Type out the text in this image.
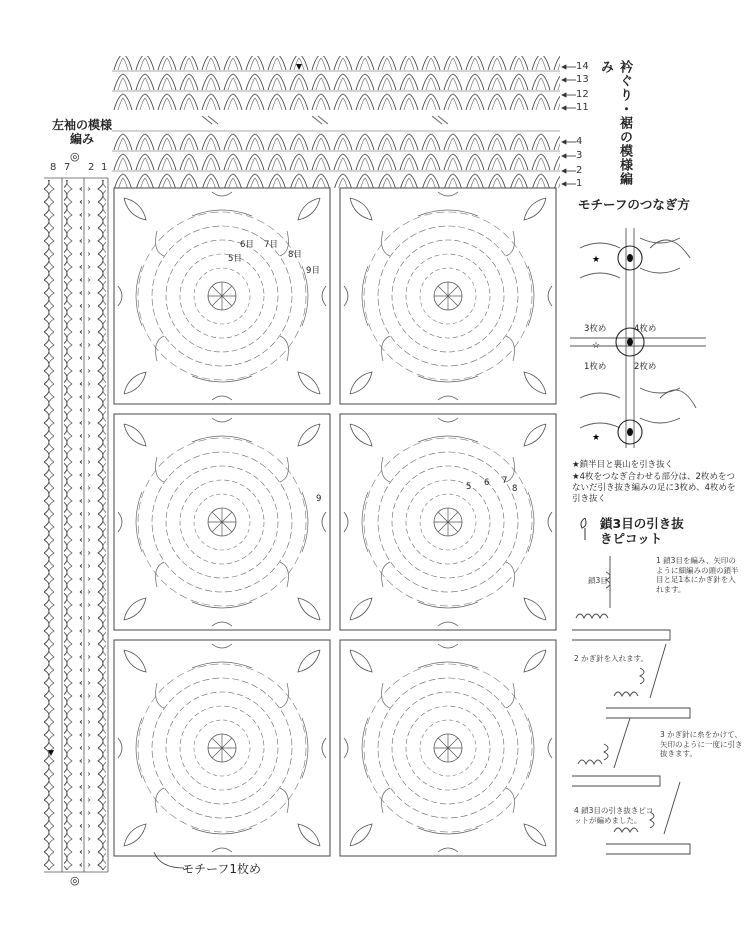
左袖の模様編み
◎
8 7 2 1
◎
14
13
12
11
4
3
2
1	衿ぐり・裾の模様編み
5目
6目 7目
8目
9目
5 6 7
8
9
モチーフ1枚め
モチーフのつなぎ方
★
☆
★
3枚め	4枚め
1枚め	2枚め
★鎖半目と裏山を引き抜く
★4枚をつなぎ合わせる部分は、2枚めをつないだ引き抜き編みの足に3枚め、4枚めを引き抜く
鎖3目の引き抜きピコット
鎖3目
1 鎖3目を編み、矢印のように細編みの頭の鎖半目と足1本にかぎ針を入れます。
2 かぎ針を入れます。
3 かぎ針に糸をかけて、矢印のように一度に引き抜きます。
4 鎖3目の引き抜きピコットが編めました。
